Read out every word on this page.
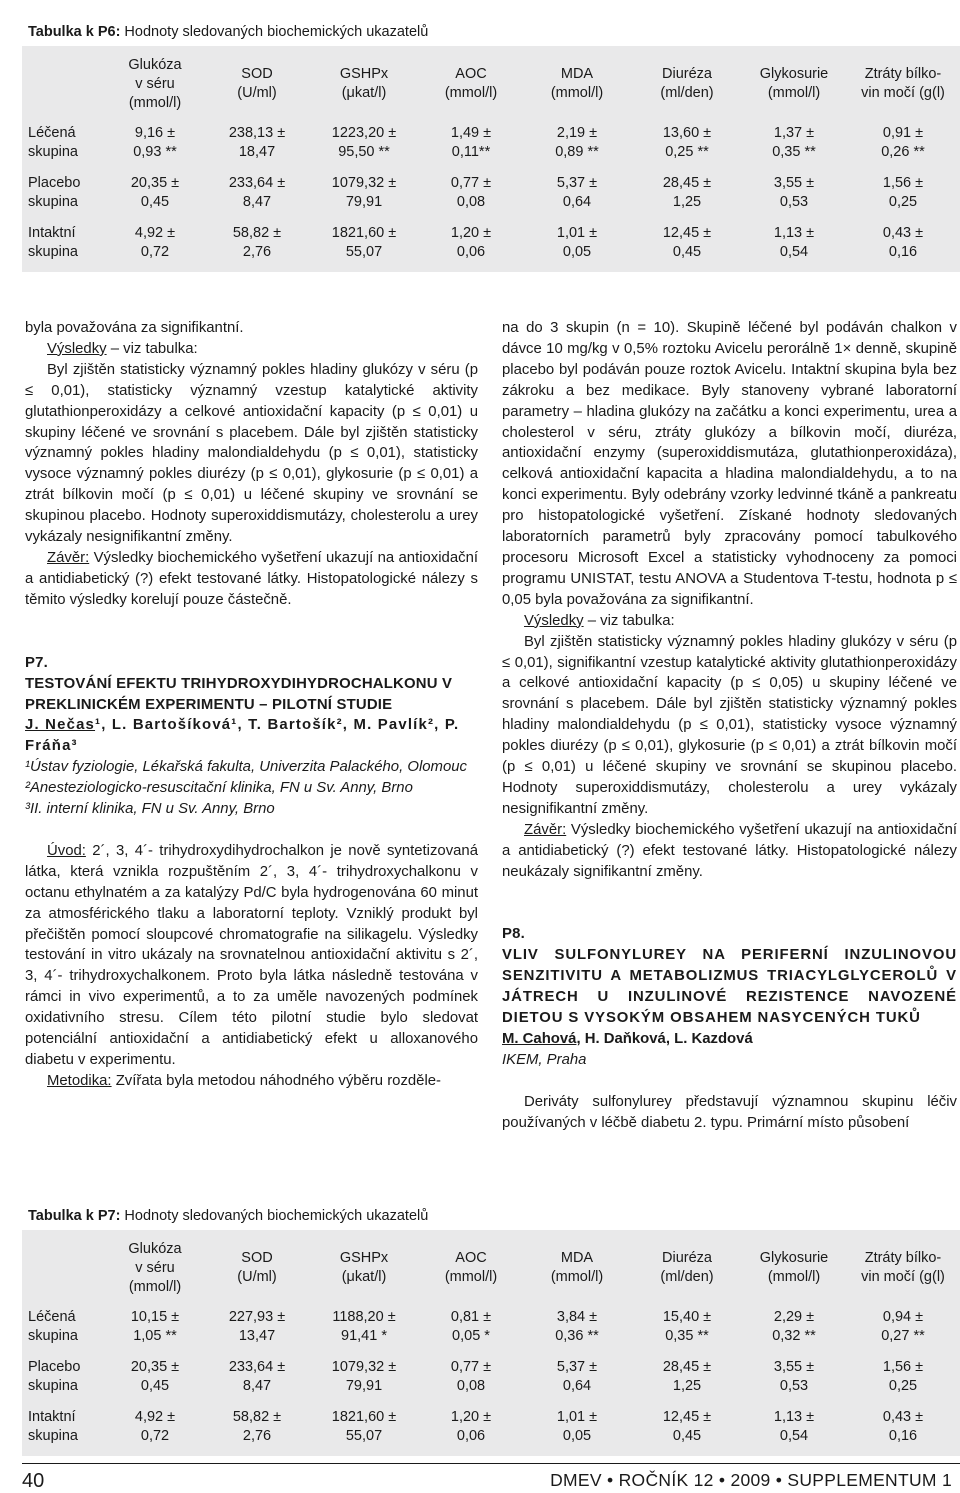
Tabulka k P6: Hodnoty sledovaných biochemických ukazatelů
	Glukóza
v séru
(mmol/l)	SOD
(U/ml)	GSHPx
(μkat/l)	AOC
(mmol/l)	MDA
(mmol/l)	Diuréza
(ml/den)	Glykosurie
(mmol/l)	Ztráty bílko-
vin močí (g(l)
Léčená
skupina	9,16 ±
0,93 **	238,13 ±
18,47	1223,20 ±
95,50 **	1,49 ±
0,11**	2,19 ±
0,89 **	13,60 ±
0,25 **	1,37 ±
0,35 **	0,91 ±
0,26 **
Placebo
skupina	20,35 ±
0,45	233,64 ±
8,47	1079,32 ±
79,91	0,77 ±
0,08	5,37 ±
0,64	28,45 ±
1,25	3,55 ±
0,53	1,56 ±
0,25
Intaktní
skupina	4,92 ±
0,72	58,82 ±
2,76	1821,60 ±
55,07	1,20 ±
0,06	1,01 ±
0,05	12,45 ±
0,45	1,13 ±
0,54	0,43 ±
0,16

byla považována za signifikantní.

Výsledky – viz tabulka:

Byl zjištěn statisticky významný pokles hladiny glukózy v séru (p ≤ 0,01), statisticky významný vzestup katalytické aktivity glutathionperoxidázy a celkové antioxidační kapacity (p ≤ 0,01) u skupiny léčené ve srovnání s placebem. Dále byl zjištěn statisticky významný pokles hladiny malondialdehydu (p ≤ 0,01), statisticky vysoce významný pokles diurézy (p ≤ 0,01), glykosurie (p ≤ 0,01) a ztrát bílkovin močí (p ≤ 0,01) u léčené skupiny ve srovnání se skupinou placebo. Hodnoty superoxiddismutázy, cholesterolu a urey vykázaly nesignifikantní změny.

Závěr: Výsledky biochemického vyšetření ukazují na antioxidační a antidiabetický (?) efekt testované látky. Histopatologické nálezy s těmito výsledky korelují pouze částečně.

P7.

TESTOVÁNÍ EFEKTU TRIHYDROXYDIHYDROCHALKONU V PREKLINICKÉM EXPERIMENTU – PILOTNÍ STUDIE

J. Nečas¹, L. Bartošíková¹, T. Bartošík², M. Pavlík², P. Fráňa³

¹Ústav fyziologie, Lékařská fakulta, Univerzita Palackého, Olomouc

²Anesteziologicko-resuscitační klinika, FN u Sv. Anny, Brno

³II. interní klinika, FN u Sv. Anny, Brno

Úvod: 2´, 3, 4´- trihydroxydihydrochalkon je nově syntetizovaná látka, která vznikla rozpuštěním 2´, 3, 4´- trihydroxychalkonu v octanu ethylnatém a za katalýzy Pd/C byla hydrogenována 60 minut za atmosférického tlaku a laboratorní teploty. Vzniklý produkt byl přečištěn pomocí sloupcové chromatografie na silikagelu. Výsledky testování in vitro ukázaly na srovnatelnou antioxidační aktivitu s 2´, 3, 4´- trihydroxychalkonem. Proto byla látka následně testována v rámci in vivo experimentů, a to za uměle navozených podmínek oxidativního stresu. Cílem této pilotní studie bylo sledovat potenciální antioxidační a antidiabetický efekt u alloxanového diabetu v experimentu.

Metodika: Zvířata byla metodou náhodného výběru rozděle-

na do 3 skupin (n = 10). Skupině léčené byl podáván chalkon v dávce 10 mg/kg v 0,5% roztoku Avicelu perorálně 1× denně, skupině placebo byl podáván pouze roztok Avicelu. Intaktní skupina byla bez zákroku a bez medikace. Byly stanoveny vybrané laboratorní parametry – hladina glukózy na začátku a konci experimentu, urea a cholesterol v séru, ztráty glukózy a bílkovin močí, diuréza, antioxidační enzymy (superoxiddismutáza, glutathionperoxidáza), celková antioxidační kapacita a hladina malondialdehydu, a to na konci experimentu. Byly odebrány vzorky ledvinné tkáně a pankreatu pro histopatologické vyšetření. Získané hodnoty sledovaných laboratorních parametrů byly zpracovány pomocí tabulkového procesoru Microsoft Excel a statisticky vyhodnoceny za pomoci programu UNISTAT, testu ANOVA a Studentova T-testu, hodnota p ≤ 0,05 byla považována za signifikantní.

Výsledky – viz tabulka:

Byl zjištěn statisticky významný pokles hladiny glukózy v séru (p ≤ 0,01), signifikantní vzestup katalytické aktivity glutathionperoxidázy a celkové antioxidační kapacity (p ≤ 0,05) u skupiny léčené ve srovnání s placebem. Dále byl zjištěn statisticky významný pokles hladiny malondialdehydu (p ≤ 0,01), statisticky vysoce významný pokles diurézy (p ≤ 0,01), glykosurie (p ≤ 0,01) a ztrát bílkovin močí (p ≤ 0,01) u léčené skupiny ve srovnání se skupinou placebo. Hodnoty superoxiddismutázy, cholesterolu a urey vykázaly nesignifikantní změny.

Závěr: Výsledky biochemického vyšetření ukazují na antioxidační a antidiabetický (?) efekt testované látky. Histopatologické nálezy neukázaly signifikantní změny.

P8.

VLIV SULFONYLUREY NA PERIFERNÍ INZULINOVOU SENZITIVITU A METABOLIZMUS TRIACYLGLYCEROLŮ V JÁTRECH U INZULINOVÉ REZISTENCE NAVOZENÉ DIETOU S VYSOKÝM OBSAHEM NASYCENÝCH TUKŮ

M. Cahová, H. Daňková, L. Kazdová

IKEM, Praha

Deriváty sulfonylurey představují významnou skupinu léčiv používaných v léčbě diabetu 2. typu. Primární místo působení

Tabulka k P7: Hodnoty sledovaných biochemických ukazatelů
	Glukóza
v séru
(mmol/l)	SOD
(U/ml)	GSHPx
(μkat/l)	AOC
(mmol/l)	MDA
(mmol/l)	Diuréza
(ml/den)	Glykosurie
(mmol/l)	Ztráty bílko-
vin močí (g(l)
Léčená
skupina	10,15 ±
1,05 **	227,93 ±
13,47	1188,20 ±
91,41 *	0,81 ±
0,05 *	3,84 ±
0,36 **	15,40 ±
0,35 **	2,29 ±
0,32 **	0,94 ±
0,27 **
Placebo
skupina	20,35 ±
0,45	233,64 ±
8,47	1079,32 ±
79,91	0,77 ±
0,08	5,37 ±
0,64	28,45 ±
1,25	3,55 ±
0,53	1,56 ±
0,25
Intaktní
skupina	4,92 ±
0,72	58,82 ±
2,76	1821,60 ±
55,07	1,20 ±
0,06	1,01 ±
0,05	12,45 ±
0,45	1,13 ±
0,54	0,43 ±
0,16
40	DMEV • ROČNÍK 12 • 2009 • SUPPLEMENTUM 1
